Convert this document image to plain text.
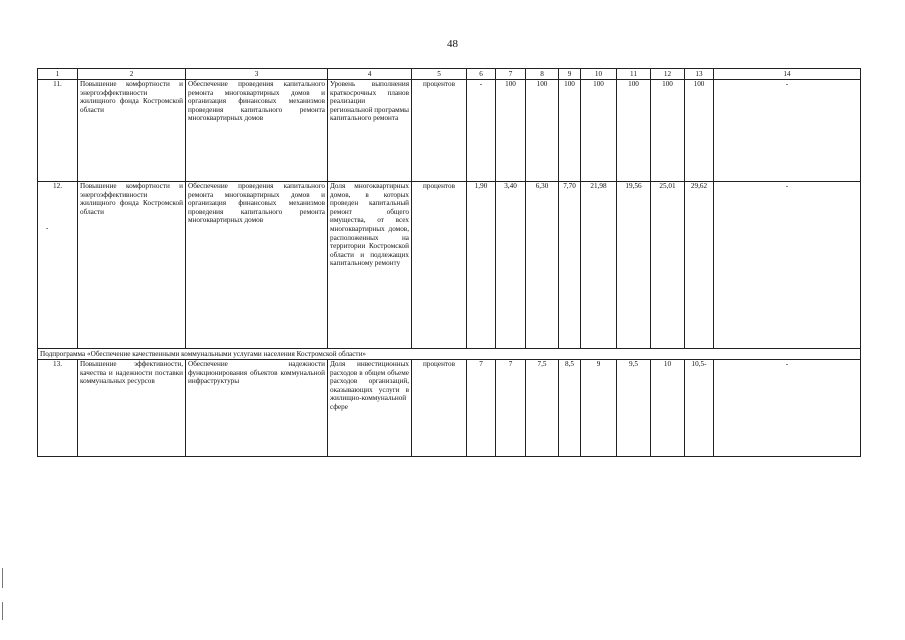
48
1	2	3	4	5	6	7	8	9	10	11	12	13	14
11.	Повышение комфортности и энергоэффективности жилищного фонда Костромской области	Обеспечение проведения капитального ремонта многоквартирных домов и организация финансовых механизмов проведения капитального ремонта многоквартирных домов	Уровень выполнения краткосрочных планов реализации региональной программы капитального ремонта	процентов	-	100	100	100	100	100	100	100	-
12.	Повышение комфортности и энергоэффективности жилищного фонда Костромской области	Обеспечение проведения капитального ремонта многоквартирных домов и организация финансовых механизмов проведения капитального ремонта многоквартирных домов	Доля многоквартирных домов, в которых проведен капитальный ремонт общего имущества, от всех многоквартирных домов, расположенных на территории Костромской области и подлежащих капитальному ремонту	процентов	1,90	3,40	6,30	7,70	21,98	19,56	25,01	29,62	-
Подпрограмма «Обеспечение качественными коммунальными услугами населения Костромской области»													
13.	Повышение эффективности, качества и надежности поставки коммунальных ресурсов	Обеспечение надежности функционирования объектов коммунальной инфраструктуры	Доля инвестиционных расходов в общем объеме расходов организаций, оказывающих услуги в жилищно-коммунальной сфере	процентов	7	7	7,5	8,5	9	9,5	10	10,5-	-
-
